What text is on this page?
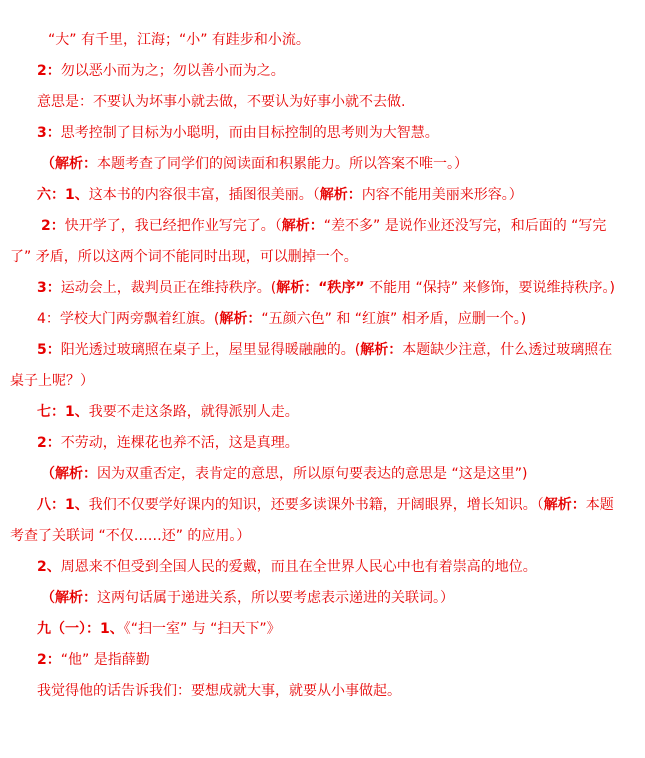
“大” 有千里，江海；“小” 有跬步和小流。
2：勿以恶小而为之；勿以善小而为之。
意思是：不要认为坏事小就去做，不要认为好事小就不去做.
3：思考控制了目标为小聪明，而由目标控制的思考则为大智慧。
（解析：本题考查了同学们的阅读面和积累能力。所以答案不唯一。）
六：1、这本书的内容很丰富，插图很美丽。（解析：内容不能用美丽来形容。）
2：快开学了，我已经把作业写完了。（解析：“差不多” 是说作业还没写完，和后面的 “写完
了” 矛盾，所以这两个词不能同时出现，可以删掉一个。
3：运动会上，裁判员正在维持秩序。(解析：“秩序” 不能用 “保持” 来修饰，要说维持秩序。)
4：学校大门两旁飘着红旗。(解析：“五颜六色” 和 “红旗” 相矛盾，应删一个。)
5：阳光透过玻璃照在桌子上，屋里显得暖融融的。(解析：本题缺少注意，什么透过玻璃照在
桌子上呢？）
七：1、我要不走这条路，就得派别人走。
2：不劳动，连棵花也养不活，这是真理。
（解析：因为双重否定，表肯定的意思，所以原句要表达的意思是 “这是这里”)
八：1、我们不仅要学好课内的知识，还要多读课外书籍，开阔眼界，增长知识。（解析：本题
考查了关联词 “不仅……还” 的应用。）
2、周恩来不但受到全国人民的爱戴，而且在全世界人民心中也有着崇高的地位。
（解析：这两句话属于递进关系，所以要考虑表示递进的关联词。）
九（一）：1、《“扫一室” 与 “扫天下”》
2：“他” 是指薛勤
我觉得他的话告诉我们：要想成就大事，就要从小事做起。
